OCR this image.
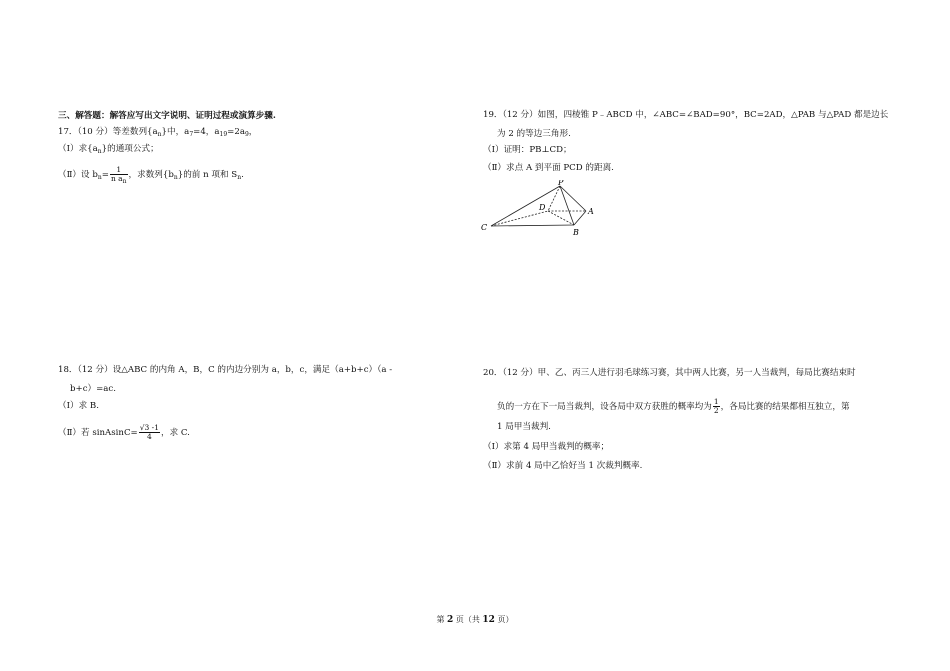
三、解答题：解答应写出文字说明、证明过程或演算步骤.
17．（10 分）等差数列$\{a_n\}$中，$a_7=4$，$a_{19}=2a_9$，
（Ⅰ）求$\{a_n\}$的通项公式；
（Ⅱ）设 $b_n= \frac{1}{n a_n}$ ，求数列$\{b_n\}$的前 n 项和 $S_n$.
18．（12 分）设△ABC 的内角 A，B，C 的内边分别为 a，b，c，满足（a+b+c）（a -
b+c）=ac.
（Ⅰ）求 B.
（Ⅱ）若 sinAsinC= $\frac{√3 -1}{4}$ ，求 C.
19．（12 分）如图，四棱锥 P﹣ABCD 中，∠ABC=∠BAD=90°，BC=2AD，△PAB 与△PAD 都是边长
为 2 的等边三角形.
（Ⅰ）证明：PB⊥CD；
（Ⅱ）求点 A 到平面 PCD 的距离.
P
D	A
C
B
20．（12 分）甲、乙、丙三人进行羽毛球练习赛，其中两人比赛，另一人当裁判，每局比赛结束时
负的一方在下一局当裁判，设各局中双方获胜的概率均为 $\frac{1}{2}$ ，各局比赛的结果都相互独立，第
1 局甲当裁判.
（Ⅰ）求第 4 局甲当裁判的概率；
（Ⅱ）求前 4 局中乙恰好当 1 次裁判概率.
第 2 页（共 12 页）
